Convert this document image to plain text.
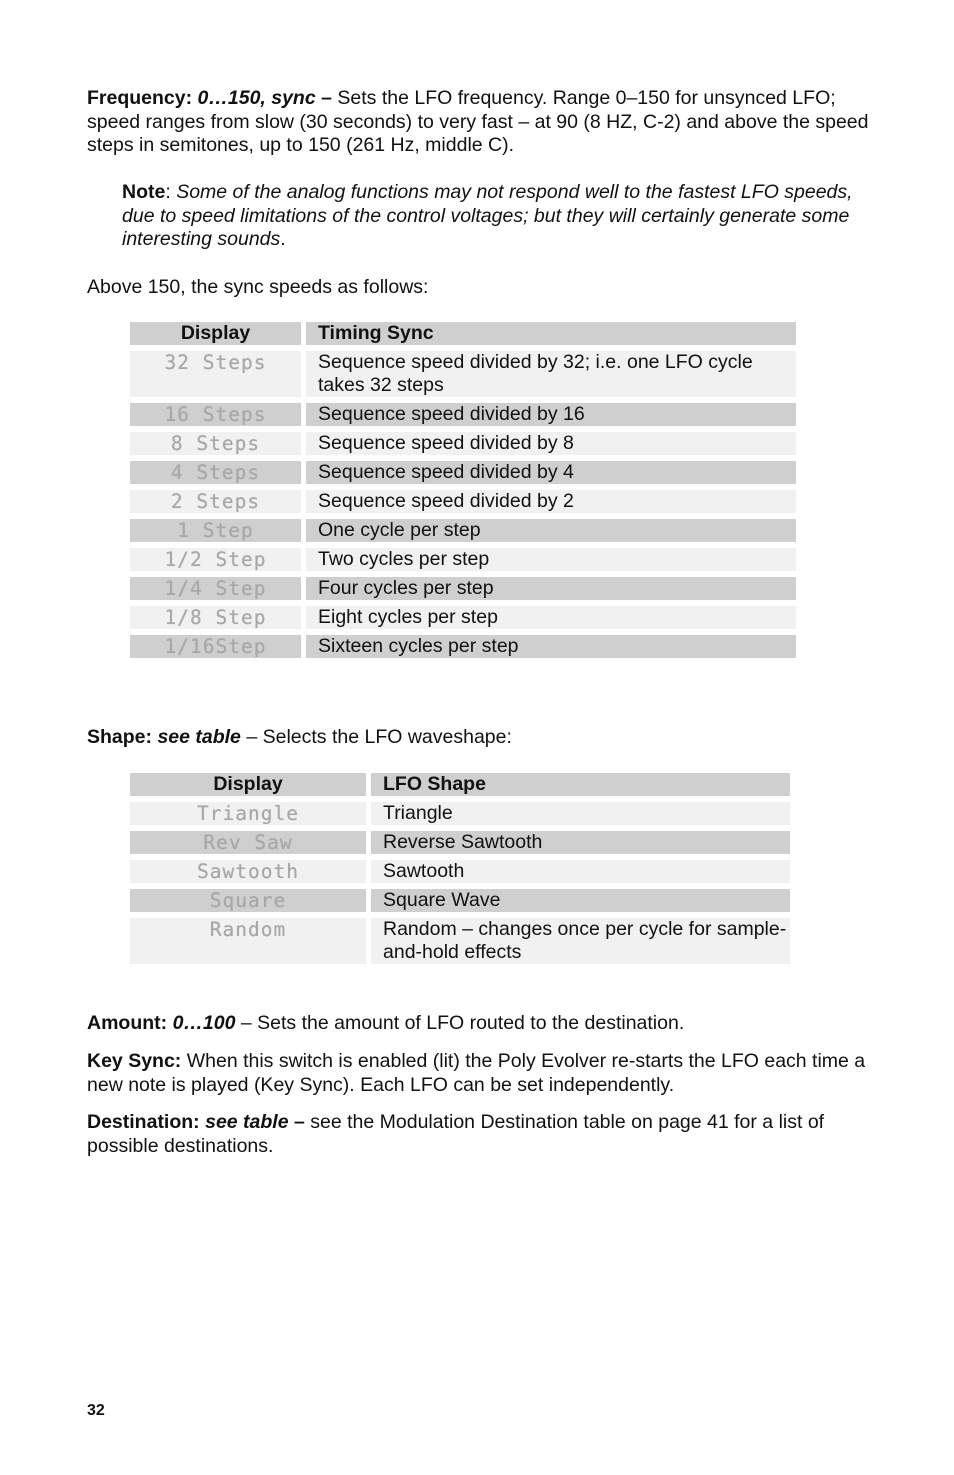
Frequency: 0…150, sync – Sets the LFO frequency. Range 0–150 for unsynced LFO; speed ranges from slow (30 seconds) to very fast – at 90 (8 HZ, C-2) and above the speed steps in semitones, up to 150 (261 Hz, middle C).

Note: Some of the analog functions may not respond well to the fastest LFO speeds, due to speed limitations of the control voltages; but they will certainly generate some interesting sounds.

Above 150, the sync speeds as follows:

Display		Timing Sync
32 Steps		Sequence speed divided by 32; i.e. one LFO cycle takes 32 steps
16 Steps		Sequence speed divided by 16
8 Steps		Sequence speed divided by 8
4 Steps		Sequence speed divided by 4
2 Steps		Sequence speed divided by 2
1 Step		One cycle per step
1/2 Step		Two cycles per step
1/4 Step		Four cycles per step
1/8 Step		Eight cycles per step
1/16Step		Sixteen cycles per step

Shape: see table – Selects the LFO waveshape:

Display		LFO Shape
Triangle		Triangle
Rev Saw		Reverse Sawtooth
Sawtooth		Sawtooth
Square		Square Wave
Random		Random – changes once per cycle for sample-and-hold effects

Amount: 0…100 – Sets the amount of LFO routed to the destination.

Key Sync: When this switch is enabled (lit) the Poly Evolver re-starts the LFO each time a new note is played (Key Sync). Each LFO can be set independently.

Destination: see table – see the Modulation Destination table on page 41 for a list of possible destinations.

32
